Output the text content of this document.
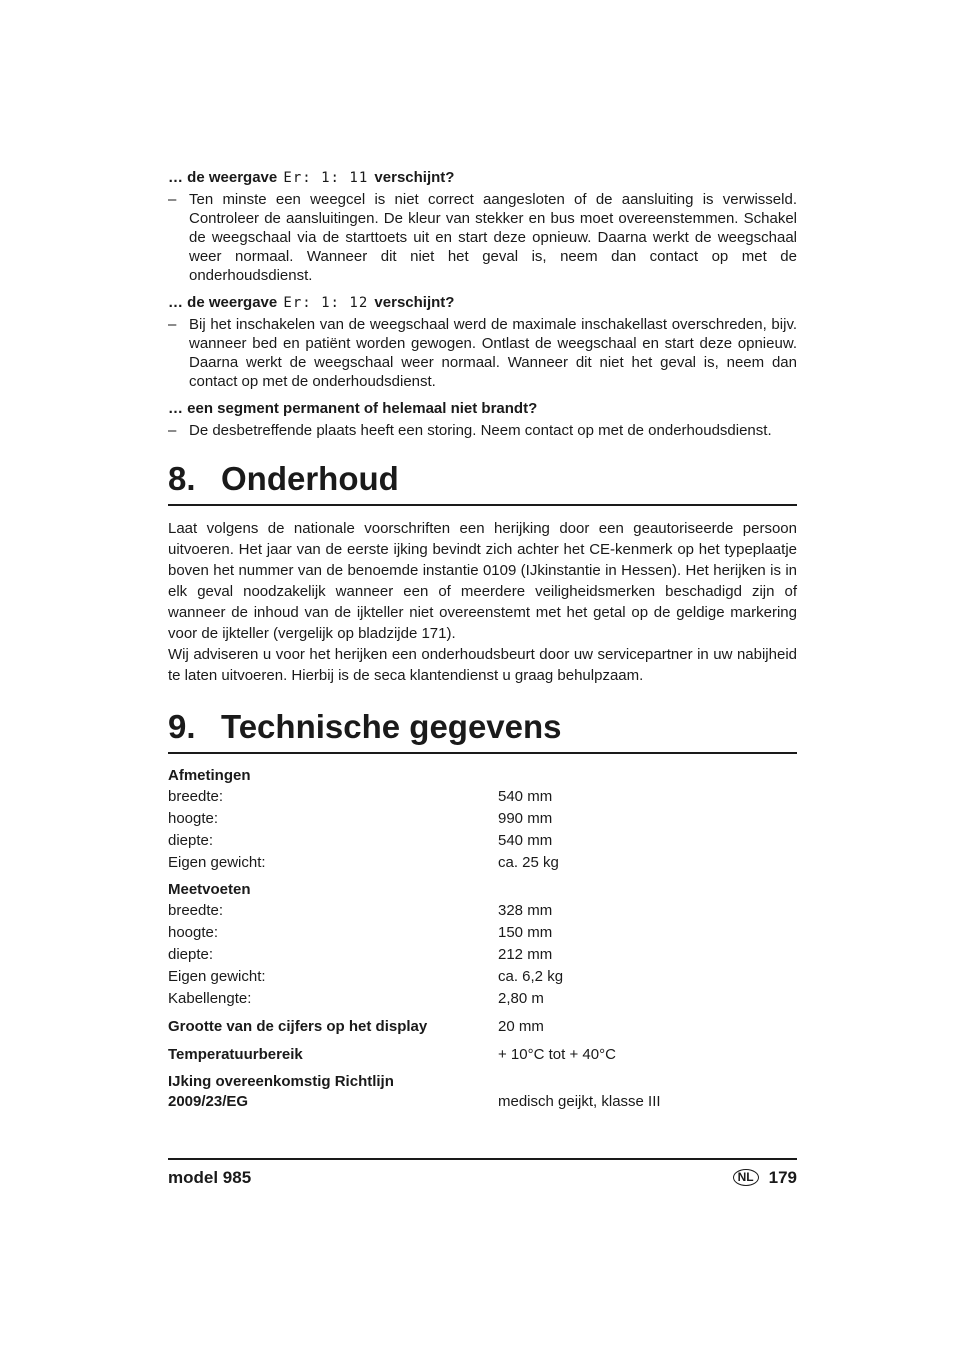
… de weergave Er: 1: 11 verschijnt?

– Ten minste een weegcel is niet correct aangesloten of de aansluiting is verwisseld. Controleer de aansluitingen. De kleur van stekker en bus moet overeenstemmen. Schakel de weegschaal via de starttoets uit en start deze opnieuw. Daarna werkt de weegschaal weer normaal. Wanneer dit niet het geval is, neem dan contact op met de onderhoudsdienst.

… de weergave Er: 1: 12 verschijnt?

– Bij het inschakelen van de weegschaal werd de maximale inschakellast overschreden, bijv. wanneer bed en patiënt worden gewogen. Ontlast de weegschaal en start deze opnieuw. Daarna werkt de weegschaal weer normaal. Wanneer dit niet het geval is, neem dan contact op met de onderhoudsdienst.

… een segment permanent of helemaal niet brandt?

– De desbetreffende plaats heeft een storing. Neem contact op met de onderhoudsdienst.

8. Onderhoud

Laat volgens de nationale voorschriften een herijking door een geautoriseerde persoon uitvoeren. Het jaar van de eerste ijking bevindt zich achter het CE-kenmerk op het typeplaatje boven het nummer van de benoemde instantie 0109 (IJkinstantie in Hessen). Het herijken is in elk geval noodzakelijk wanneer een of meerdere veiligheidsmerken beschadigd zijn of wanneer de inhoud van de ijkteller niet overeenstemt met het getal op de geldige markering voor de ijkteller (vergelijk op bladzijde 171).

Wij adviseren u voor het herijken een onderhoudsbeurt door uw servicepartner in uw nabijheid te laten uitvoeren. Hierbij is de seca klantendienst u graag behulpzaam.

9. Technische gegevens
Afmetingen
breedte:	540 mm
hoogte:	990 mm
diepte:	540 mm
Eigen gewicht:	ca. 25 kg
Meetvoeten
breedte:	328 mm
hoogte:	150 mm
diepte:	212 mm
Eigen gewicht:	ca. 6,2 kg
Kabellengte:	2,80 m
Grootte van de cijfers op het display	20 mm
Temperatuurbereik	+ 10°C tot + 40°C
IJking overeenkomstig Richtlijn
2009/23/EG	medisch geijkt, klasse III
model 985	NL 179
